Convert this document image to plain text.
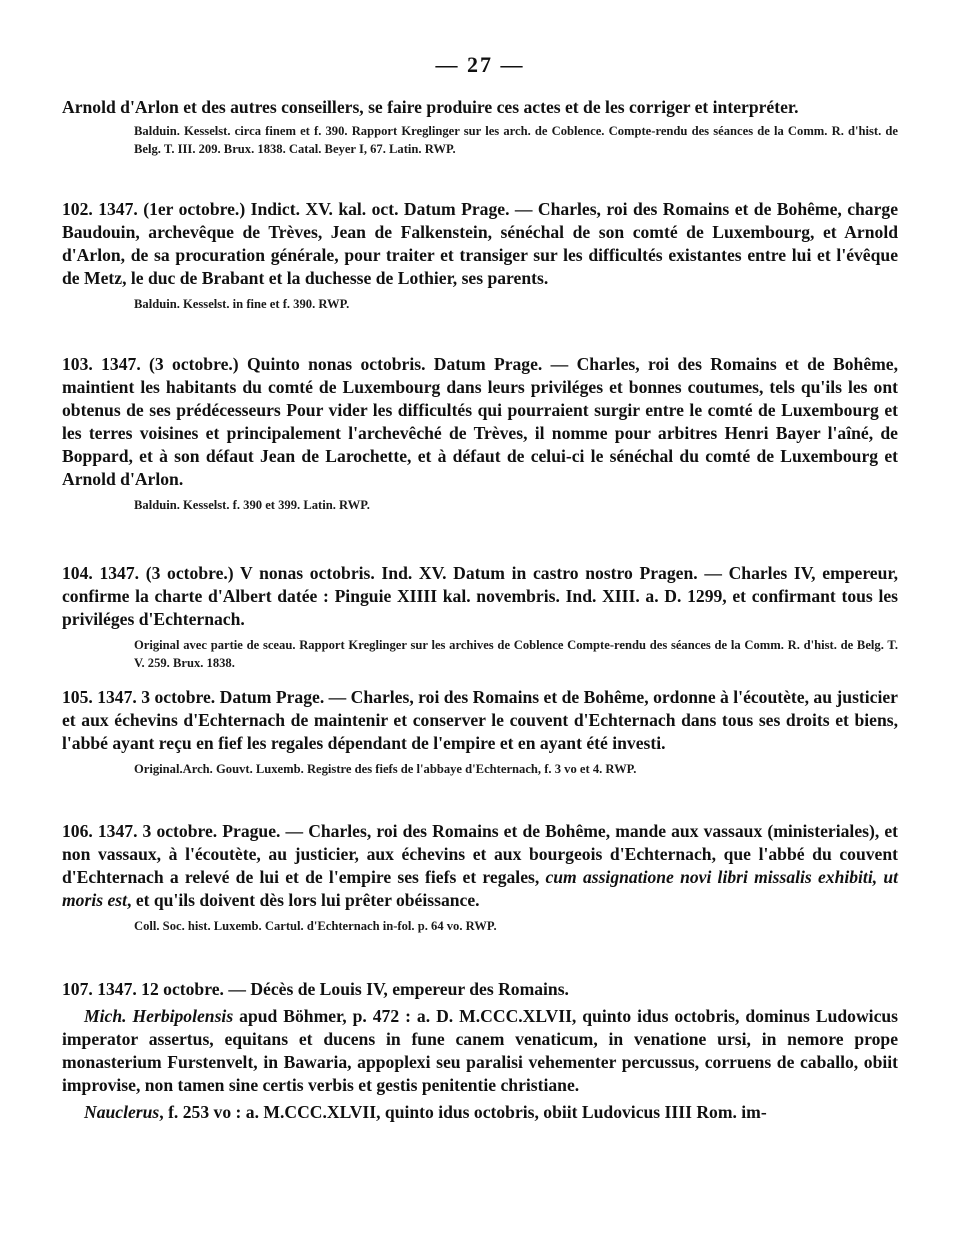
— 27 —

Arnold d'Arlon et des autres conseillers, se faire produire ces actes et de les corriger et interpréter.

Balduin. Kesselst. circa finem et f. 390. Rapport Kreglinger sur les arch. de Coblence. Compte-rendu des séances de la Comm. R. d'hist. de Belg. T. III. 209. Brux. 1838. Catal. Beyer I, 67. Latin. RWP.

102. 1347. (1er octobre.) Indict. XV. kal. oct. Datum Prage. — Charles, roi des Romains et de Bohême, charge Baudouin, archevêque de Trèves, Jean de Falkenstein, sénéchal de son comté de Luxembourg, et Arnold d'Arlon, de sa procuration générale, pour traiter et transiger sur les difficultés existantes entre lui et l'évêque de Metz, le duc de Brabant et la duchesse de Lothier, ses parents.

Balduin. Kesselst. in fine et f. 390. RWP.

103. 1347. (3 octobre.) Quinto nonas octobris. Datum Prage. — Charles, roi des Romains et de Bohême, maintient les habitants du comté de Luxembourg dans leurs priviléges et bonnes coutumes, tels qu'ils les ont obtenus de ses prédécesseurs Pour vider les difficultés qui pourraient surgir entre le comté de Luxembourg et les terres voisines et principalement l'archevêché de Trèves, il nomme pour arbitres Henri Bayer l'aîné, de Boppard, et à son défaut Jean de Larochette, et à défaut de celui-ci le sénéchal du comté de Luxembourg et Arnold d'Arlon.

Balduin. Kesselst. f. 390 et 399. Latin. RWP.

104. 1347. (3 octobre.) V nonas octobris. Ind. XV. Datum in castro nostro Pragen. — Charles IV, empereur, confirme la charte d'Albert datée : Pinguie XIIII kal. novembris. Ind. XIII. a. D. 1299, et confirmant tous les priviléges d'Echternach.

Original avec partie de sceau. Rapport Kreglinger sur les archives de Coblence Compte-rendu des séances de la Comm. R. d'hist. de Belg. T. V. 259. Brux. 1838.

105. 1347. 3 octobre. Datum Prage. — Charles, roi des Romains et de Bohême, ordonne à l'écoutète, au justicier et aux échevins d'Echternach de maintenir et conserver le couvent d'Echternach dans tous ses droits et biens, l'abbé ayant reçu en fief les regales dépendant de l'empire et en ayant été investi.

Original.Arch. Gouvt. Luxemb. Registre des fiefs de l'abbaye d'Echternach, f. 3 vo et 4. RWP.

106. 1347. 3 octobre. Prague. — Charles, roi des Romains et de Bohême, mande aux vassaux (ministeriales), et non vassaux, à l'écoutète, au justicier, aux échevins et aux bourgeois d'Echternach, que l'abbé du couvent d'Echternach a relevé de lui et de l'empire ses fiefs et regales, cum assignatione novi libri missalis exhibiti, ut moris est, et qu'ils doivent dès lors lui prêter obéissance.

Coll. Soc. hist. Luxemb. Cartul. d'Echternach in-fol. p. 64 vo. RWP.

107. 1347. 12 octobre. — Décès de Louis IV, empereur des Romains.

Mich. Herbipolensis apud Böhmer, p. 472 : a. D. M.CCC.XLVII, quinto idus octobris, dominus Ludowicus imperator assertus, equitans et ducens in fune canem venaticum, in venatione ursi, in nemore prope monasterium Furstenvelt, in Bawaria, appoplexi seu paralisi vehementer percussus, corruens de caballo, obiit improvise, non tamen sine certis verbis et gestis penitentie christiane.

Nauclerus, f. 253 vo : a. M.CCC.XLVII, quinto idus octobris, obiit Ludovicus IIII Rom. im-
